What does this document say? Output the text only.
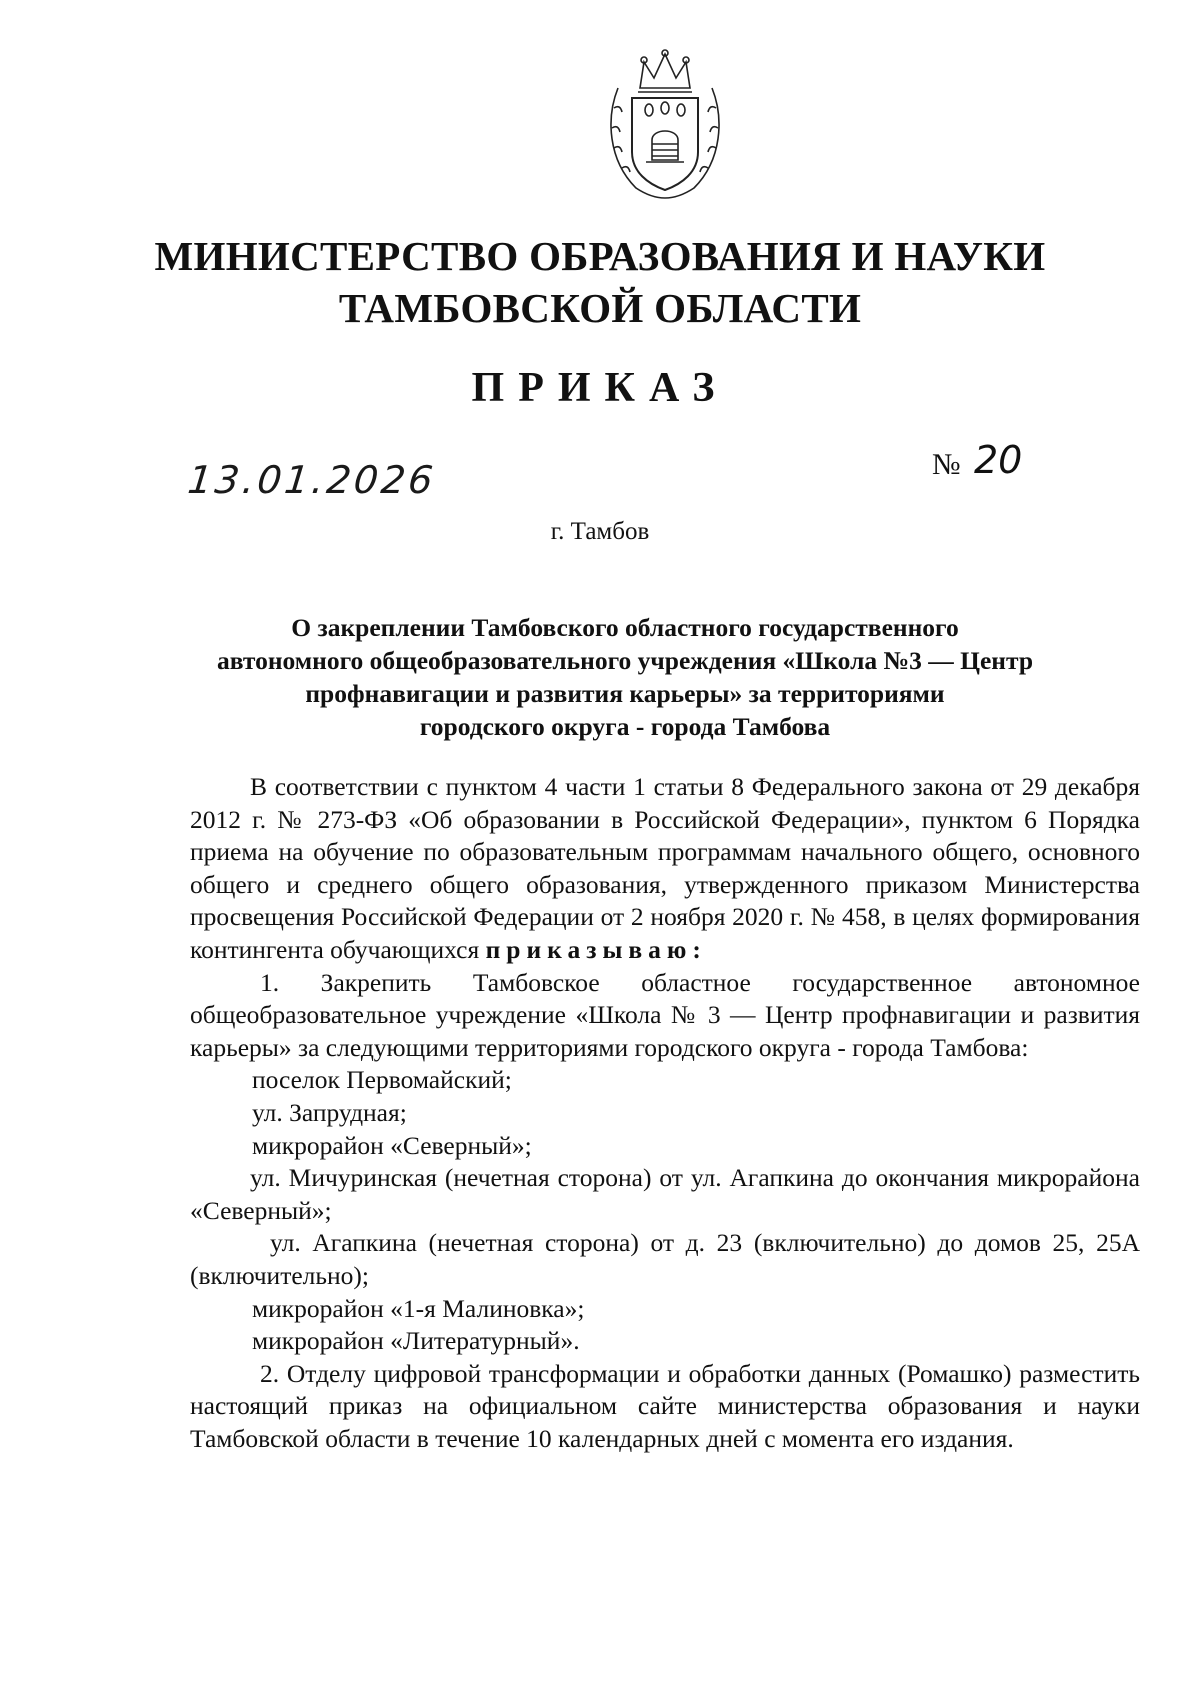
МИНИСТЕРСТВО ОБРАЗОВАНИЯ И НАУКИ
ТАМБОВСКОЙ ОБЛАСТИ
ПРИКАЗ
13.01.2026	№ 20
г. Тамбов
О закреплении Тамбовского областного государственного
автономного общеобразовательного учреждения «Школа №3 — Центр
профнавигации и развития карьеры» за территориями
городского округа - города Тамбова

В соответствии с пунктом 4 части 1 статьи 8 Федерального закона от 29 декабря 2012 г. № 273-ФЗ «Об образовании в Российской Федерации», пунктом 6 Порядка приема на обучение по образовательным программам начального общего, основного общего и среднего общего образования, утвержденного приказом Министерства просвещения Российской Федерации от 2 ноября 2020 г. № 458, в целях формирования контингента обучающихся приказываю:

1. Закрепить Тамбовское областное государственное автономное общеобразовательное учреждение «Школа № 3 — Центр профнавигации и развития карьеры» за следующими территориями городского округа - города Тамбова:

поселок Первомайский;

ул. Запрудная;

микрорайон «Северный»;

ул. Мичуринская (нечетная сторона) от ул. Агапкина до окончания микрорайона «Северный»;

ул. Агапкина (нечетная сторона) от д. 23 (включительно) до домов 25, 25А (включительно);

микрорайон «1-я Малиновка»;

микрорайон «Литературный».

2. Отделу цифровой трансформации и обработки данных (Ромашко) разместить настоящий приказ на официальном сайте министерства образования и науки Тамбовской области в течение 10 календарных дней с момента его издания.
